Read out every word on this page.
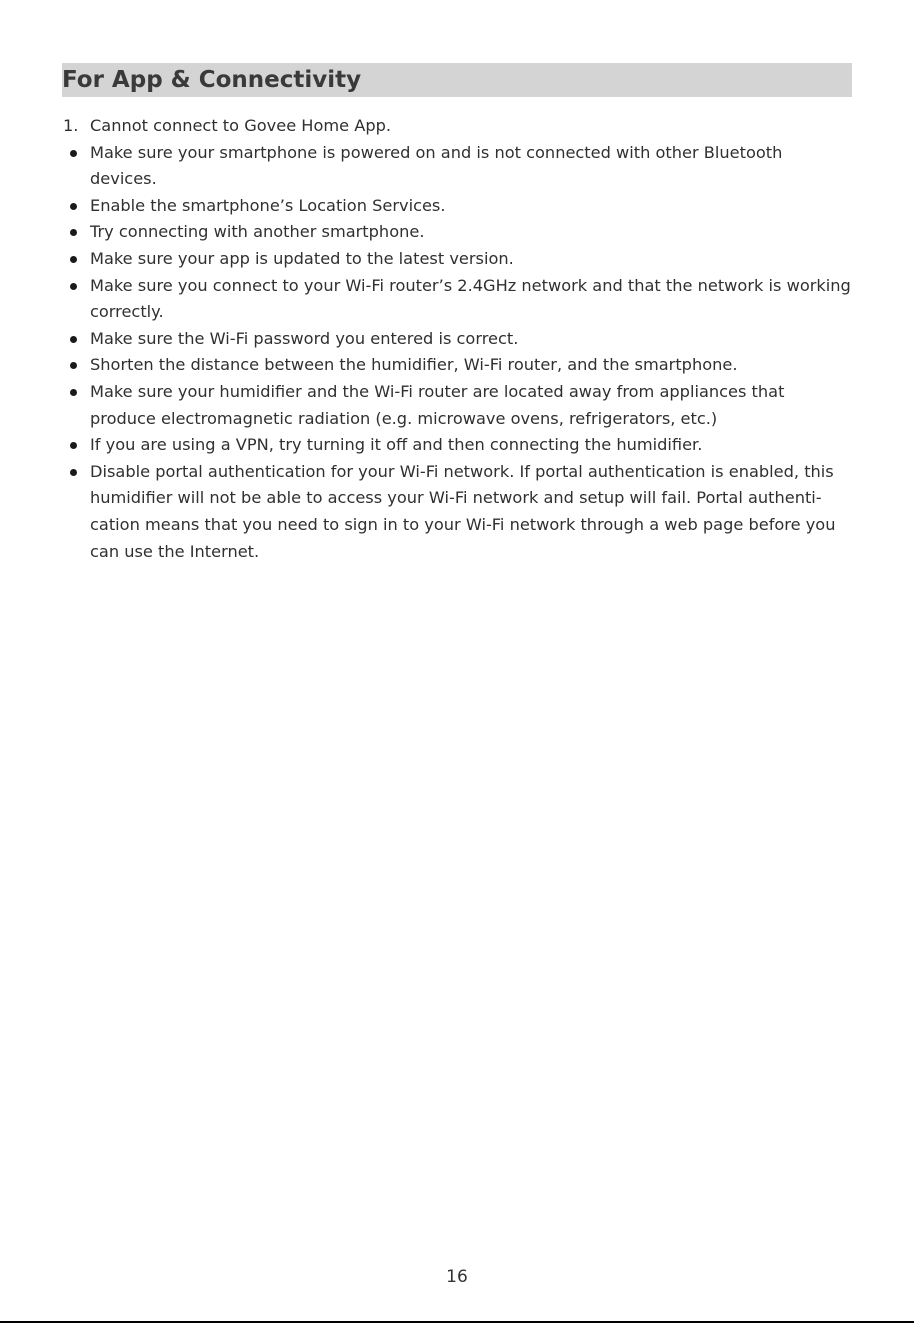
For App & Connectivity
1. Cannot connect to Govee Home App.
Make sure your smartphone is powered on and is not connected with other Bluetooth devices.
Enable the smartphone’s Location Services.
Try connecting with another smartphone.
Make sure your app is updated to the latest version.
Make sure you connect to your Wi-Fi router’s 2.4GHz network and that the network is working correctly.
Make sure the Wi-Fi password you entered is correct.
Shorten the distance between the humidifier, Wi-Fi router, and the smartphone.
Make sure your humidifier and the Wi-Fi router are located away from appliances that produce electromagnetic radiation (e.g. microwave ovens, refrigerators, etc.)
If you are using a VPN, try turning it off and then connecting the humidifier.
Disable portal authentication for your Wi-Fi network. If portal authentication is enabled, this humidifier will not be able to access your Wi-Fi network and setup will fail. Portal authenti-cation means that you need to sign in to your Wi-Fi network through a web page before you can use the Internet.
16
